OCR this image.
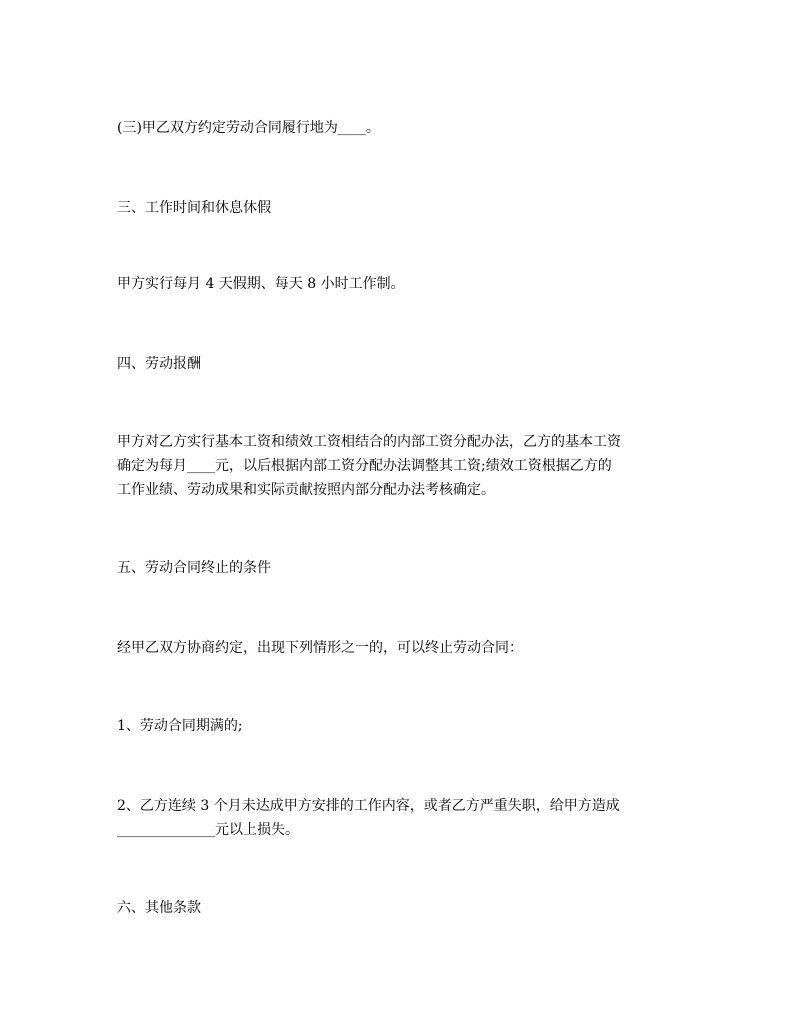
(三)甲乙双方约定劳动合同履行地为____。

三、工作时间和休息休假

甲方实行每月 4 天假期、每天 8 小时工作制。

四、劳动报酬

甲方对乙方实行基本工资和绩效工资相结合的内部工资分配办法，乙方的基本工资
确定为每月____元，以后根据内部工资分配办法调整其工资;绩效工资根据乙方的
工作业绩、劳动成果和实际贡献按照内部分配办法考核确定。

五、劳动合同终止的条件

经甲乙双方协商约定，出现下列情形之一的，可以终止劳动合同：

1、劳动合同期满的;

2、乙方连续 3 个月未达成甲方安排的工作内容，或者乙方严重失职，给甲方造成
______________元以上损失。

六、其他条款
